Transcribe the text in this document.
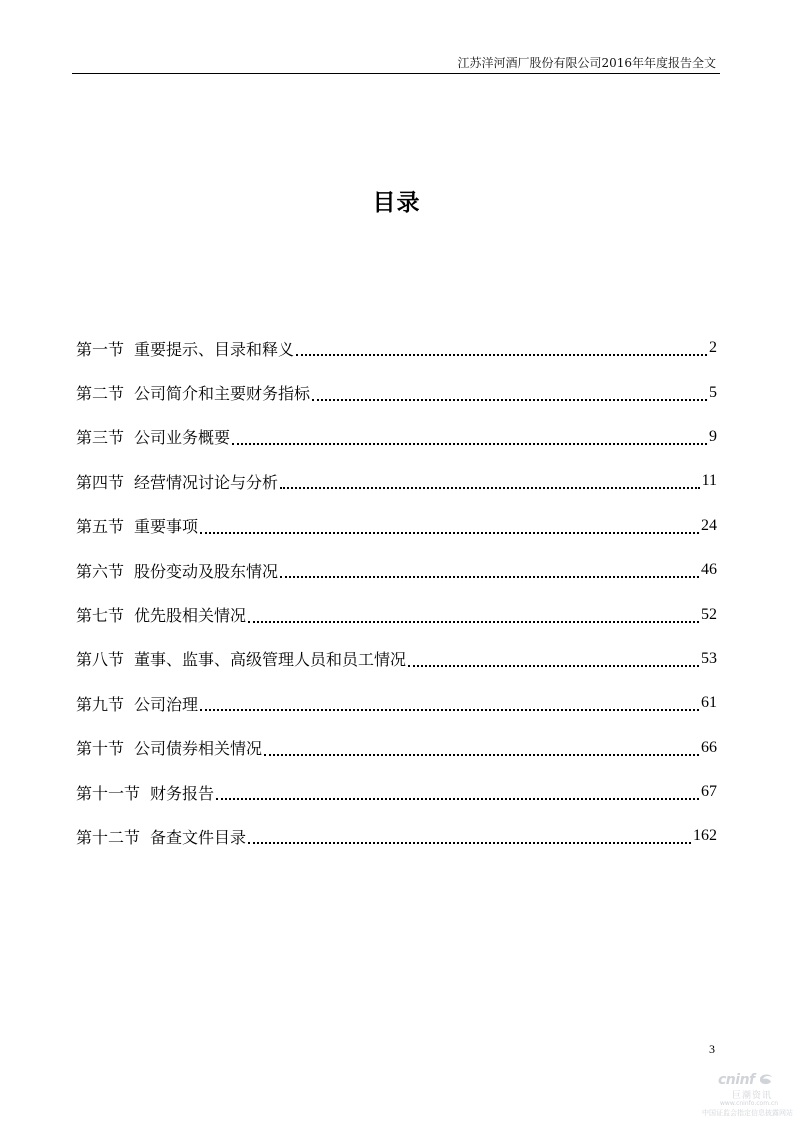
江苏洋河酒厂股份有限公司2016年年度报告全文
目录
第一节 重要提示、目录和释义	2
第二节 公司简介和主要财务指标	5
第三节 公司业务概要	9
第四节 经营情况讨论与分析	11
第五节 重要事项	24
第六节 股份变动及股东情况	46
第七节 优先股相关情况	52
第八节 董事、监事、高级管理人员和员工情况	53
第九节 公司治理	61
第十节 公司债券相关情况	66
第十一节 财务报告	67
第十二节 备查文件目录	162
3
cninf
巨潮资讯
www.cninfo.com.cn
中国证监会指定信息披露网站
